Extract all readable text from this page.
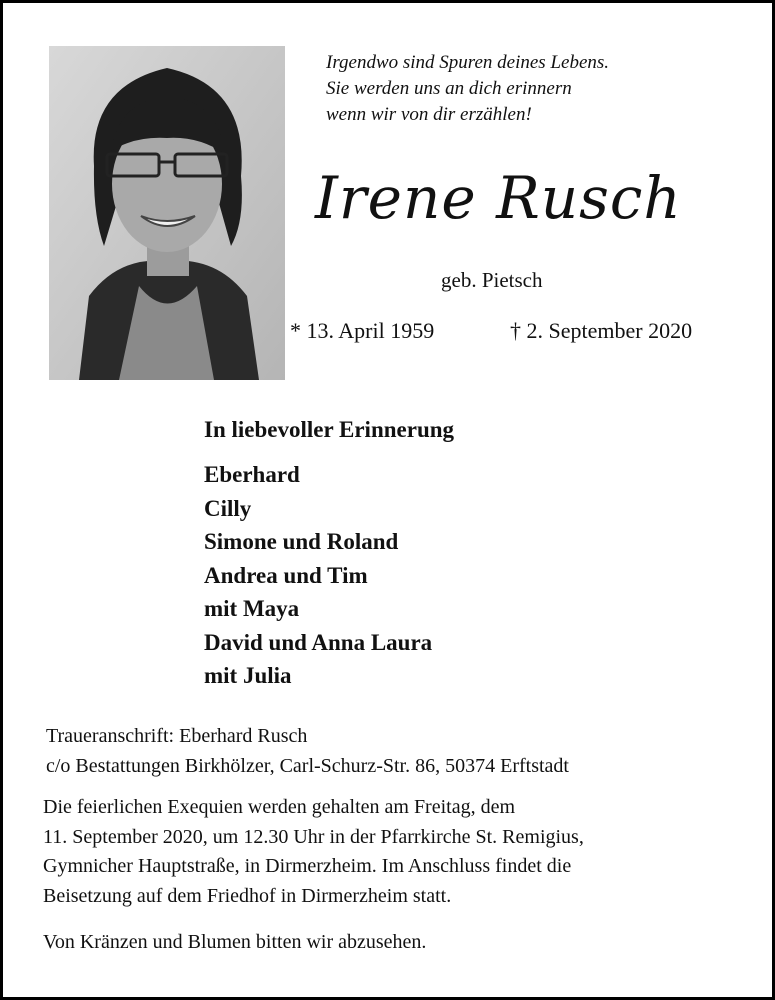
Irgendwo sind Spuren deines Lebens.
Sie werden uns an dich erinnern
wenn wir von dir erzählen!
Irene Rusch
geb. Pietsch
* 13. April 1959	† 2. September 2020
In liebevoller Erinnerung
Eberhard
Cilly
Simone und Roland
Andrea und Tim
mit Maya
David und Anna Laura
mit Julia
Traueranschrift: Eberhard Rusch
c/o Bestattungen Birkhölzer, Carl-Schurz-Str. 86, 50374 Erftstadt
Die feierlichen Exequien werden gehalten am Freitag, dem
11. September 2020, um 12.30 Uhr in der Pfarrkirche St. Remigius,
Gymnicher Hauptstraße, in Dirmerzheim. Im Anschluss findet die
Beisetzung auf dem Friedhof in Dirmerzheim statt.
Von Kränzen und Blumen bitten wir abzusehen.
